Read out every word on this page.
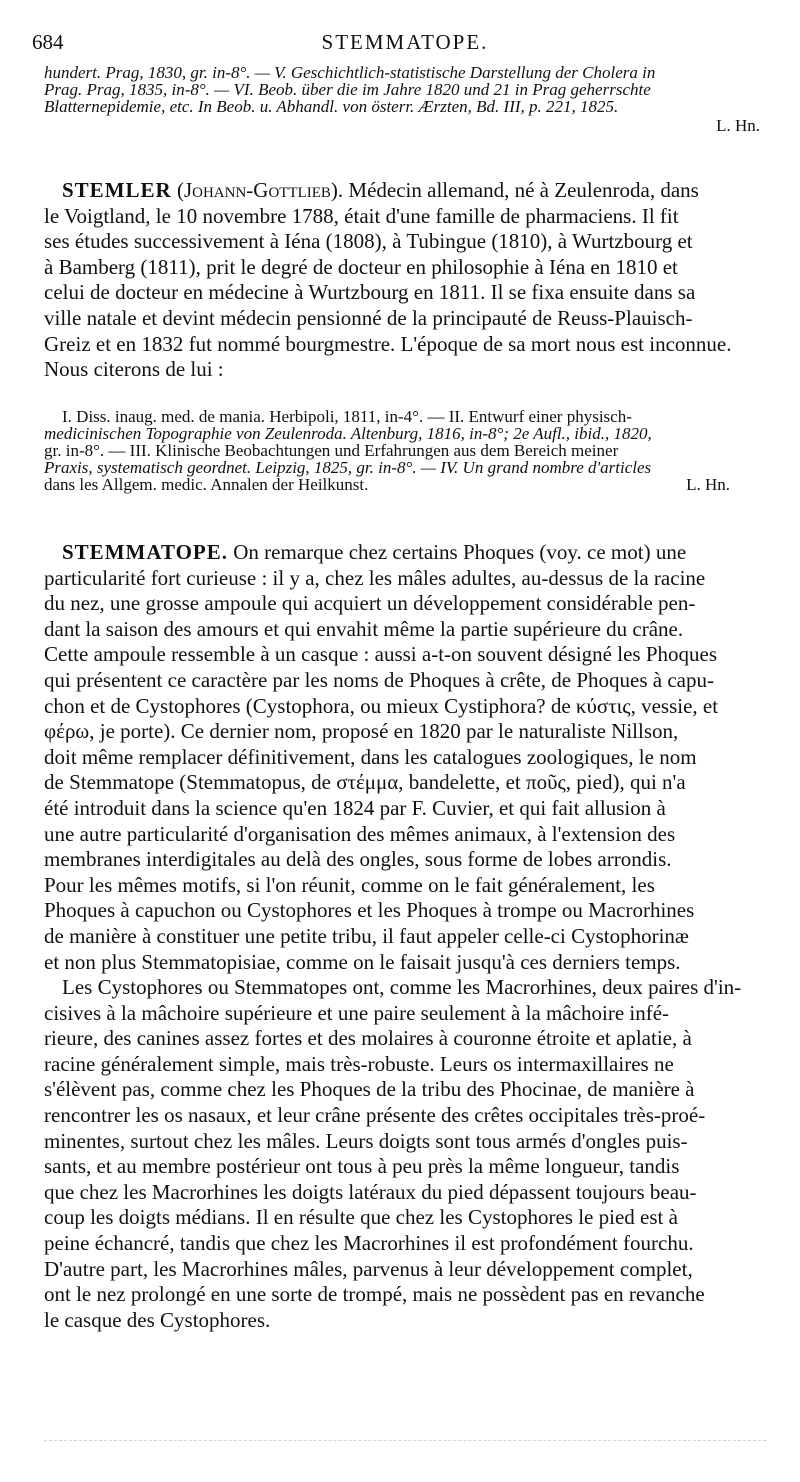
684	STEMMATOPE.
hundert. Prag, 1830, gr. in-8°. — V. Geschichtlich-statistische Darstellung der Cholera in
Prag. Prag, 1835, in-8°. — VI. Beob. über die im Jahre 1820 und 21 in Prag geherrschte
Blatternepidemie, etc. In Beob. u. Abhandl. von österr. Ærzten, Bd. III, p. 221, 1825.
L. Hn.
STEMLER (Johann-Gottlieb). Médecin allemand, né à Zeulenroda, dans
le Voigtland, le 10 novembre 1788, était d'une famille de pharmaciens. Il fit
ses études successivement à Iéna (1808), à Tubingue (1810), à Wurtzbourg et
à Bamberg (1811), prit le degré de docteur en philosophie à Iéna en 1810 et
celui de docteur en médecine à Wurtzbourg en 1811. Il se fixa ensuite dans sa
ville natale et devint médecin pensionné de la principauté de Reuss-Plauisch-
Greiz et en 1832 fut nommé bourgmestre. L'époque de sa mort nous est inconnue.
Nous citerons de lui :
I. Diss. inaug. med. de mania. Herbipoli, 1811, in-4°. — II. Entwurf einer physisch-
medicinischen Topographie von Zeulenroda. Altenburg, 1816, in-8°; 2e Aufl., ibid., 1820,
gr. in-8°. — III. Klinische Beobachtungen und Erfahrungen aus dem Bereich meiner
Praxis, systematisch geordnet. Leipzig, 1825, gr. in-8°. — IV. Un grand nombre d'articles
dans les Allgem. medic. Annalen der Heilkunst.	L. Hn.
STEMMATOPE. On remarque chez certains Phoques (voy. ce mot) une
particularité fort curieuse : il y a, chez les mâles adultes, au-dessus de la racine
du nez, une grosse ampoule qui acquiert un développement considérable pen-
dant la saison des amours et qui envahit même la partie supérieure du crâne.
Cette ampoule ressemble à un casque : aussi a-t-on souvent désigné les Phoques
qui présentent ce caractère par les noms de Phoques à crête, de Phoques à capu-
chon et de Cystophores (Cystophora, ou mieux Cystiphora? de κύστις, vessie, et
φέρω, je porte). Ce dernier nom, proposé en 1820 par le naturaliste Nillson,
doit même remplacer définitivement, dans les catalogues zoologiques, le nom
de Stemmatope (Stemmatopus, de στέμμα, bandelette, et ποῦς, pied), qui n'a
été introduit dans la science qu'en 1824 par F. Cuvier, et qui fait allusion à
une autre particularité d'organisation des mêmes animaux, à l'extension des
membranes interdigitales au delà des ongles, sous forme de lobes arrondis.
Pour les mêmes motifs, si l'on réunit, comme on le fait généralement, les
Phoques à capuchon ou Cystophores et les Phoques à trompe ou Macrorhines
de manière à constituer une petite tribu, il faut appeler celle-ci Cystophorinæ
et non plus Stemmatopisiae, comme on le faisait jusqu'à ces derniers temps.
Les Cystophores ou Stemmatopes ont, comme les Macrorhines, deux paires d'in-
cisives à la mâchoire supérieure et une paire seulement à la mâchoire infé-
rieure, des canines assez fortes et des molaires à couronne étroite et aplatie, à
racine généralement simple, mais très-robuste. Leurs os intermaxillaires ne
s'élèvent pas, comme chez les Phoques de la tribu des Phocinae, de manière à
rencontrer les os nasaux, et leur crâne présente des crêtes occipitales très-proé-
minentes, surtout chez les mâles. Leurs doigts sont tous armés d'ongles puis-
sants, et au membre postérieur ont tous à peu près la même longueur, tandis
que chez les Macrorhines les doigts latéraux du pied dépassent toujours beau-
coup les doigts médians. Il en résulte que chez les Cystophores le pied est à
peine échancré, tandis que chez les Macrorhines il est profondément fourchu.
D'autre part, les Macrorhines mâles, parvenus à leur développement complet,
ont le nez prolongé en une sorte de trompé, mais ne possèdent pas en revanche
le casque des Cystophores.
